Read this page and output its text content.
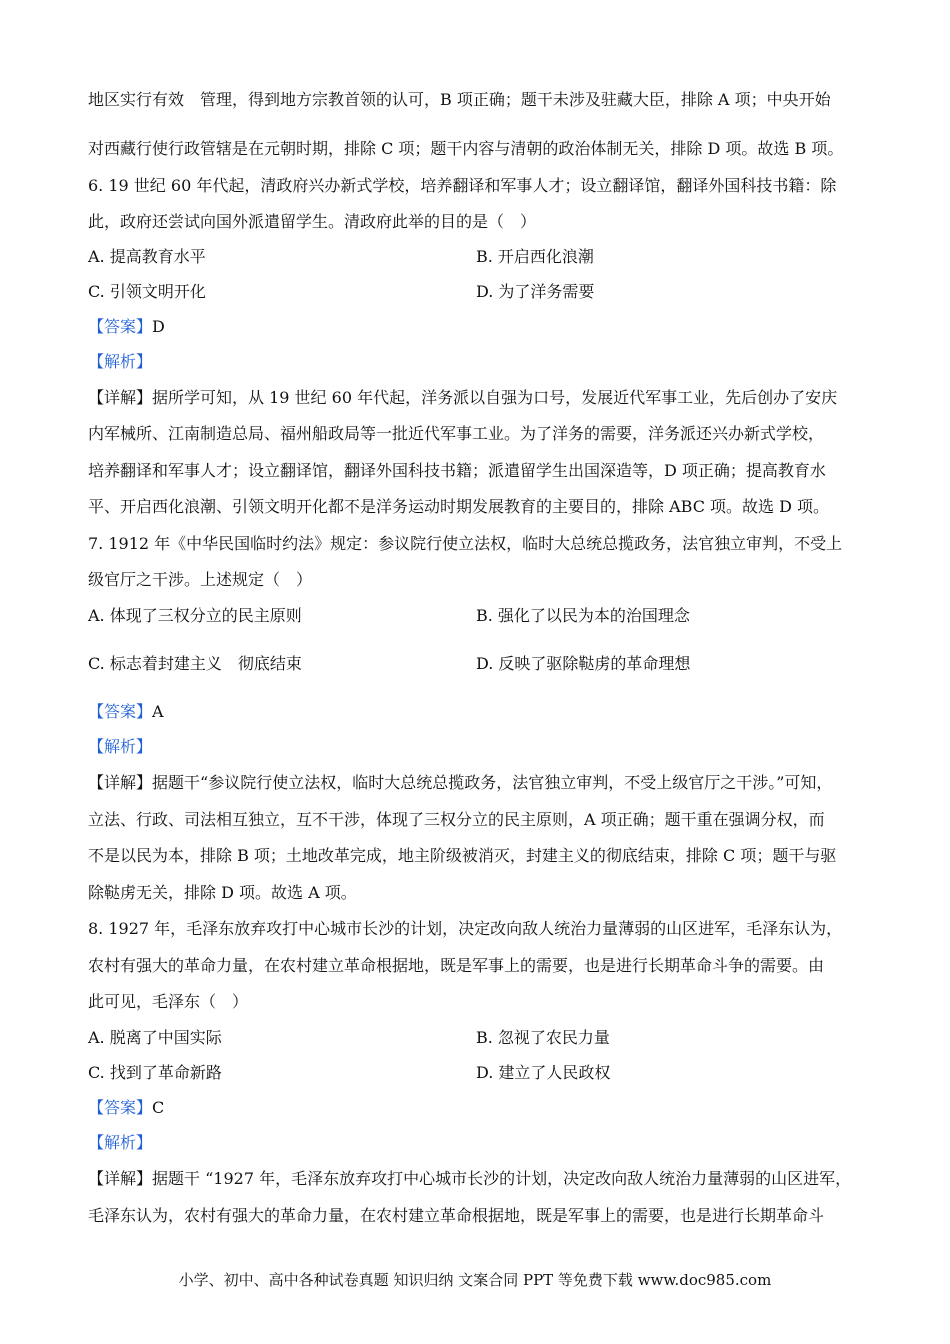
地区实行有效　管理，得到地方宗教首领的认可，B 项正确；题干未涉及驻藏大臣，排除 A 项；中央开始
对西藏行使行政管辖是在元朝时期，排除 C 项；题干内容与清朝的政治体制无关，排除 D 项。故选 B 项。
6. 19 世纪 60 年代起，清政府兴办新式学校，培养翻译和军事人才；设立翻译馆，翻译外国科技书籍：除
此，政府还尝试向国外派遣留学生。清政府此举的目的是（　）
A. 提高教育水平	B. 开启西化浪潮
C. 引领文明开化	D. 为了洋务需要
【答案】D
【解析】
【详解】据所学可知，从 19 世纪 60 年代起，洋务派以自强为口号，发展近代军事工业，先后创办了安庆
内军械所、江南制造总局、福州船政局等一批近代军事工业。为了洋务的需要，洋务派还兴办新式学校，
培养翻译和军事人才；设立翻译馆，翻译外国科技书籍；派遣留学生出国深造等，D 项正确；提高教育水
平、开启西化浪潮、引领文明开化都不是洋务运动时期发展教育的主要目的，排除 ABC 项。故选 D 项。
7. 1912 年《中华民国临时约法》规定：参议院行使立法权，临时大总统总揽政务，法官独立审判，不受上
级官厅之干涉。上述规定（　）
A. 体现了三权分立的民主原则	B. 强化了以民为本的治国理念
C. 标志着封建主义　彻底结束	D. 反映了驱除鞑虏的革命理想
【答案】A
【解析】
【详解】据题干“参议院行使立法权，临时大总统总揽政务，法官独立审判，不受上级官厅之干涉。”可知，
立法、行政、司法相互独立，互不干涉，体现了三权分立的民主原则，A 项正确；题干重在强调分权，而
不是以民为本，排除 B 项；土地改革完成，地主阶级被消灭，封建主义的彻底结束，排除 C 项；题干与驱
除鞑虏无关，排除 D 项。故选 A 项。
8. 1927 年，毛泽东放弃攻打中心城市长沙的计划，决定改向敌人统治力量薄弱的山区进军，毛泽东认为，
农村有强大的革命力量，在农村建立革命根据地，既是军事上的需要，也是进行长期革命斗争的需要。由
此可见，毛泽东（　）
A. 脱离了中国实际	B. 忽视了农民力量
C. 找到了革命新路	D. 建立了人民政权
【答案】C
【解析】
【详解】据题干 “1927 年，毛泽东放弃攻打中心城市长沙的计划，决定改向敌人统治力量薄弱的山区进军，
毛泽东认为，农村有强大的革命力量，在农村建立革命根据地，既是军事上的需要，也是进行长期革命斗
小学、初中、高中各种试卷真题 知识归纳 文案合同 PPT 等免费下载 www.doc985.com
